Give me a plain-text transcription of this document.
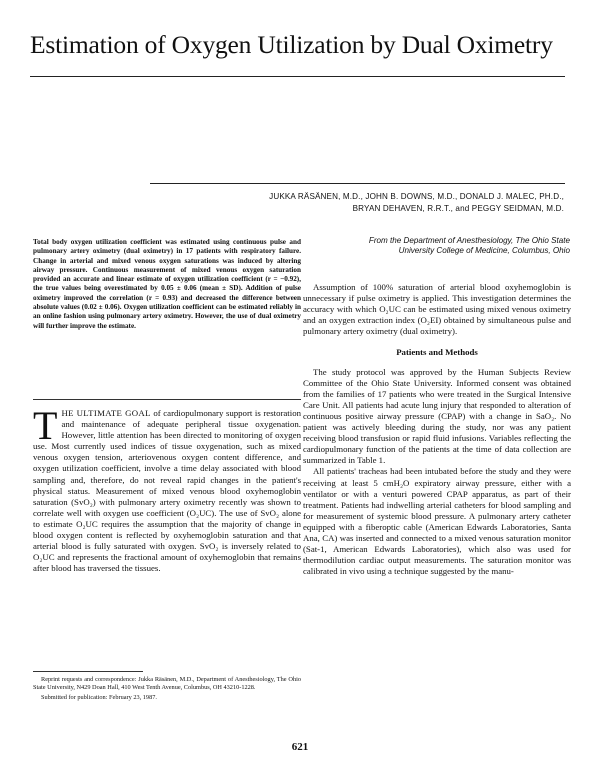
Estimation of Oxygen Utilization by Dual Oximetry
JUKKA RÄSÄNEN, M.D., JOHN B. DOWNS, M.D., DONALD J. MALEC, PH.D.,
BRYAN DEHAVEN, R.R.T., and PEGGY SEIDMAN, M.D.
From the Department of Anesthesiology, The Ohio State
University College of Medicine, Columbus, Ohio
Total body oxygen utilization coefficient was estimated using continuous pulse and pulmonary artery oximetry (dual oximetry) in 17 patients with respiratory failure. Change in arterial and mixed venous oxygen saturations was induced by altering airway pressure. Continuous measurement of mixed venous oxygen saturation provided an accurate and linear estimate of oxygen utilization coefficient (r = −0.92), the true values being overestimated by 0.05 ± 0.06 (mean ± SD). Addition of pulse oximetry improved the correlation (r = 0.93) and decreased the difference between absolute values (0.02 ± 0.06). Oxygen utilization coefficient can be estimated reliably in an online fashion using pulmonary artery oximetry. However, the use of dual oximetry will further improve the estimate.

THE ULTIMATE GOAL of cardiopulmonary support is restoration and maintenance of adequate peripheral tissue oxygenation. However, little attention has been directed to monitoring of oxygen use. Most currently used indices of tissue oxygenation, such as mixed venous oxygen tension, arteriovenous oxygen content difference, and oxygen utilization coefficient, involve a time delay associated with blood sampling and, therefore, do not reveal rapid changes in the patient's physical status. Measurement of mixed venous blood oxyhemoglobin saturation (SvO₂) with pulmonary artery oximetry recently was shown to correlate well with oxygen use coefficient (O₂UC). The use of SvO₂ alone to estimate O₂UC requires the assumption that the majority of change in blood oxygen content is reflected by oxyhemoglobin saturation and that arterial blood is fully saturated with oxygen. SvO₂ is inversely related to O₂UC and represents the fractional amount of oxyhemoglobin that remains after blood has traversed the tissues.

Reprint requests and correspondence: Jukka Räsänen, M.D., Department of Anesthesiology, The Ohio State University, N429 Doan Hall, 410 West Tenth Avenue, Columbus, OH 43210-1228.

Submitted for publication: February 23, 1987.

Assumption of 100% saturation of arterial blood oxyhemoglobin is unnecessary if pulse oximetry is applied. This investigation determines the accuracy with which O₂UC can be estimated using mixed venous oximetry and an oxygen extraction index (O₂EI) obtained by simultaneous pulse and pulmonary artery oximetry (dual oximetry).

Patients and Methods

The study protocol was approved by the Human Subjects Review Committee of the Ohio State University. Informed consent was obtained from the families of 17 patients who were treated in the Surgical Intensive Care Unit. All patients had acute lung injury that responded to alteration of continuous positive airway pressure (CPAP) with a change in SaO₂. No patient was actively bleeding during the study, nor was any patient receiving blood transfusion or rapid fluid infusions. Variables reflecting the cardiopulmonary function of the patients at the time of data collection are summarized in Table 1.

All patients' tracheas had been intubated before the study and they were receiving at least 5 cmH₂O expiratory airway pressure, either with a ventilator or with a venturi powered CPAP apparatus, as part of their treatment. Patients had indwelling arterial catheters for blood sampling and for measurement of systemic blood pressure. A pulmonary artery catheter equipped with a fiberoptic cable (American Edwards Laboratories, Santa Ana, CA) was inserted and connected to a mixed venous saturation monitor (Sat-1, American Edwards Laboratories), which also was used for thermodilution cardiac output measurements. The saturation monitor was calibrated in vivo using a technique suggested by the manu-

621
